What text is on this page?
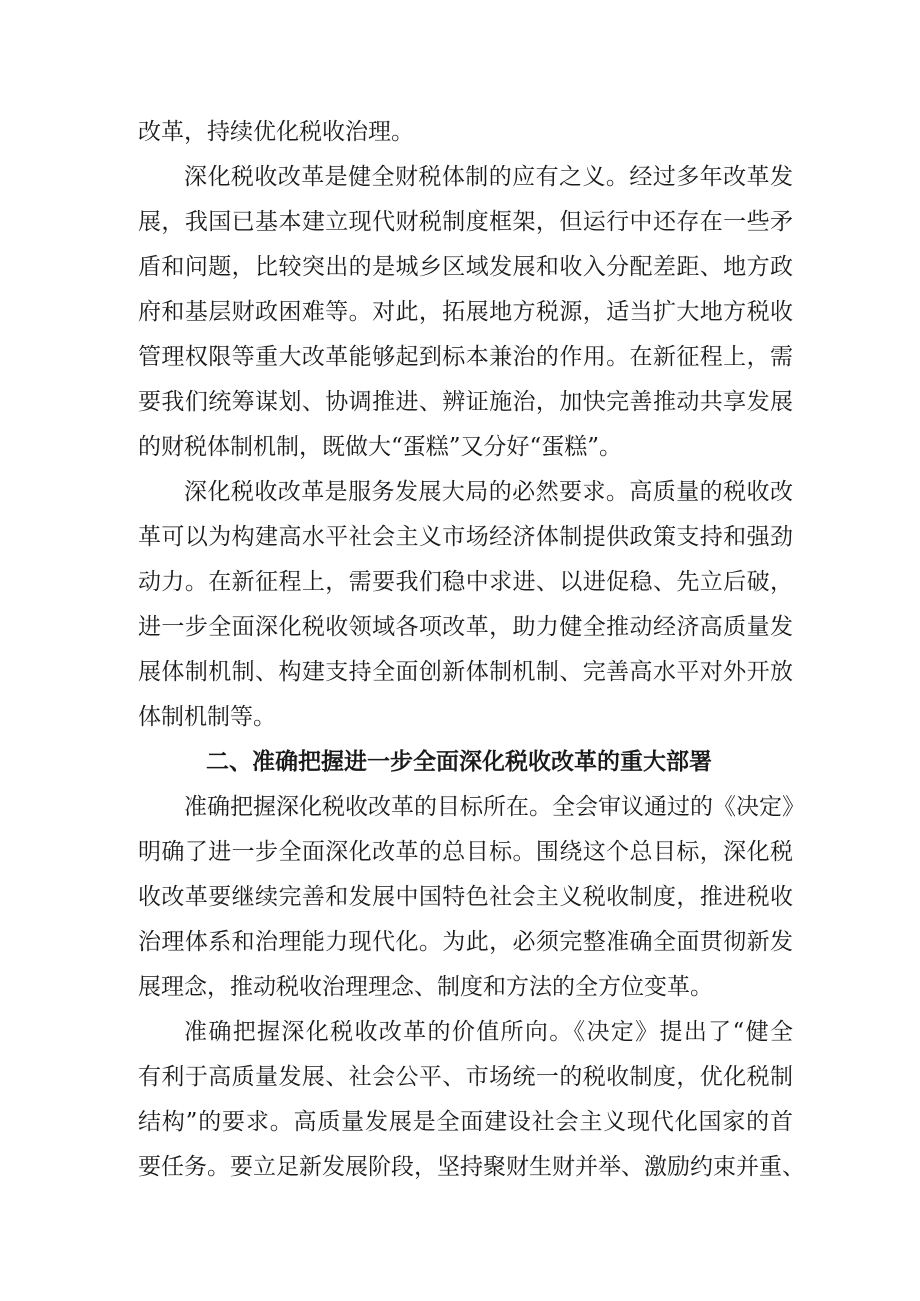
改革，持续优化税收治理。
深化税收改革是健全财税体制的应有之义。经过多年改革发
展，我国已基本建立现代财税制度框架，但运行中还存在一些矛
盾和问题，比较突出的是城乡区域发展和收入分配差距、地方政
府和基层财政困难等。对此，拓展地方税源，适当扩大地方税收
管理权限等重大改革能够起到标本兼治的作用。在新征程上，需
要我们统筹谋划、协调推进、辨证施治，加快完善推动共享发展
的财税体制机制，既做大“蛋糕”又分好“蛋糕”。
深化税收改革是服务发展大局的必然要求。高质量的税收改
革可以为构建高水平社会主义市场经济体制提供政策支持和强劲
动力。在新征程上，需要我们稳中求进、以进促稳、先立后破，
进一步全面深化税收领域各项改革，助力健全推动经济高质量发
展体制机制、构建支持全面创新体制机制、完善高水平对外开放
体制机制等。
二、准确把握进一步全面深化税收改革的重大部署
准确把握深化税收改革的目标所在。全会审议通过的《决定》
明确了进一步全面深化改革的总目标。围绕这个总目标，深化税
收改革要继续完善和发展中国特色社会主义税收制度，推进税收
治理体系和治理能力现代化。为此，必须完整准确全面贯彻新发
展理念，推动税收治理理念、制度和方法的全方位变革。
准确把握深化税收改革的价值所向。《决定》提出了“健全
有利于高质量发展、社会公平、市场统一的税收制度，优化税制
结构”的要求。高质量发展是全面建设社会主义现代化国家的首
要任务。要立足新发展阶段，坚持聚财生财并举、激励约束并重、
